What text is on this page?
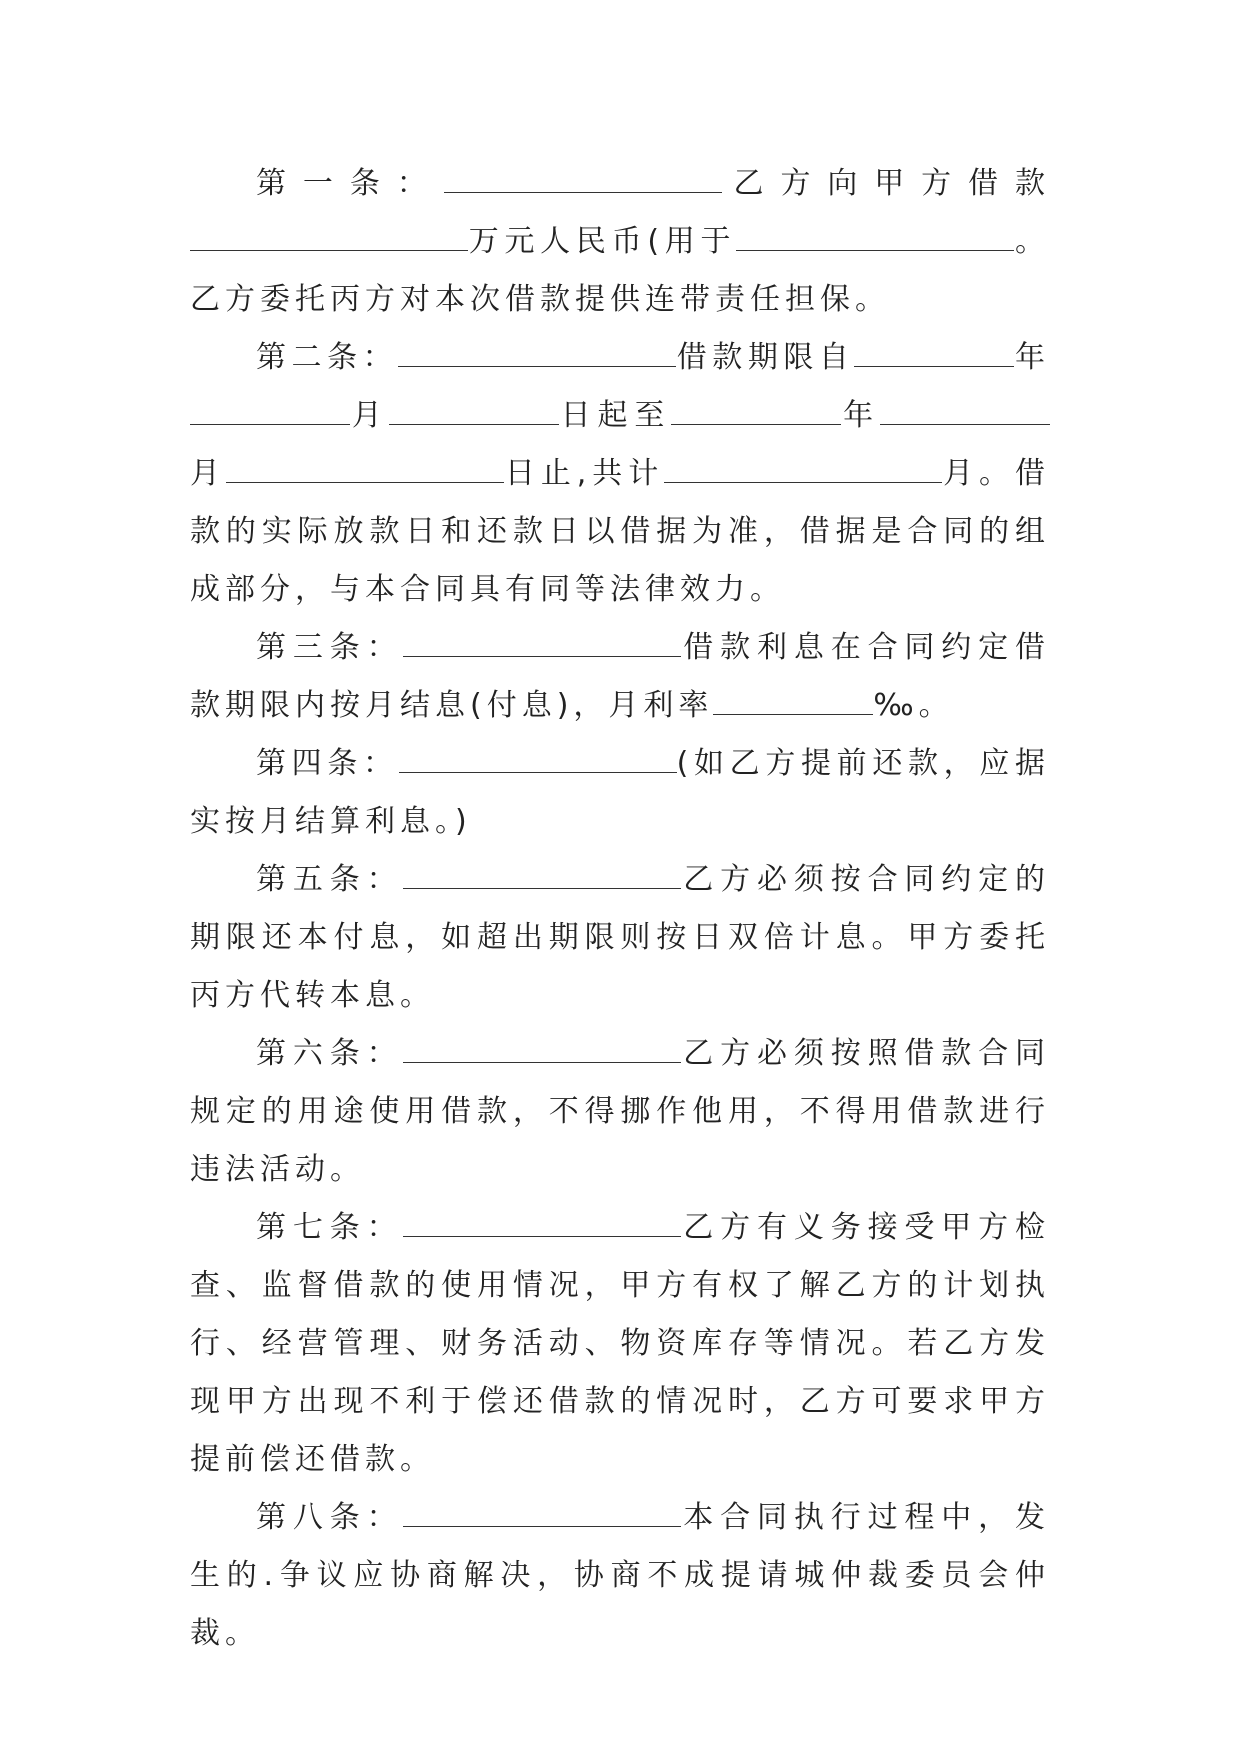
第一条：	乙方向甲方借款万元人民币(用于	。乙方委托丙方对本次借款提供连带责任担保。

第二条：	借款期限自	年月	日起至	年月	日止,共计	月。借款的实际放款日和还款日以借据为准，借据是合同的组成部分，与本合同具有同等法律效力。

第三条：	借款利息在合同约定借款期限内按月结息(付息)，月利率	‰。

第四条：	(如乙方提前还款，应据实按月结算利息。)

第五条：	乙方必须按合同约定的期限还本付息，如超出期限则按日双倍计息。甲方委托丙方代转本息。

第六条：	乙方必须按照借款合同规定的用途使用借款，不得挪作他用，不得用借款进行违法活动。

第七条：	乙方有义务接受甲方检查、监督借款的使用情况，甲方有权了解乙方的计划执行、经营管理、财务活动、物资库存等情况。若乙方发现甲方出现不利于偿还借款的情况时，乙方可要求甲方提前偿还借款。

第八条：	本合同执行过程中，发生的.争议应协商解决，协商不成提请城仲裁委员会仲裁。
